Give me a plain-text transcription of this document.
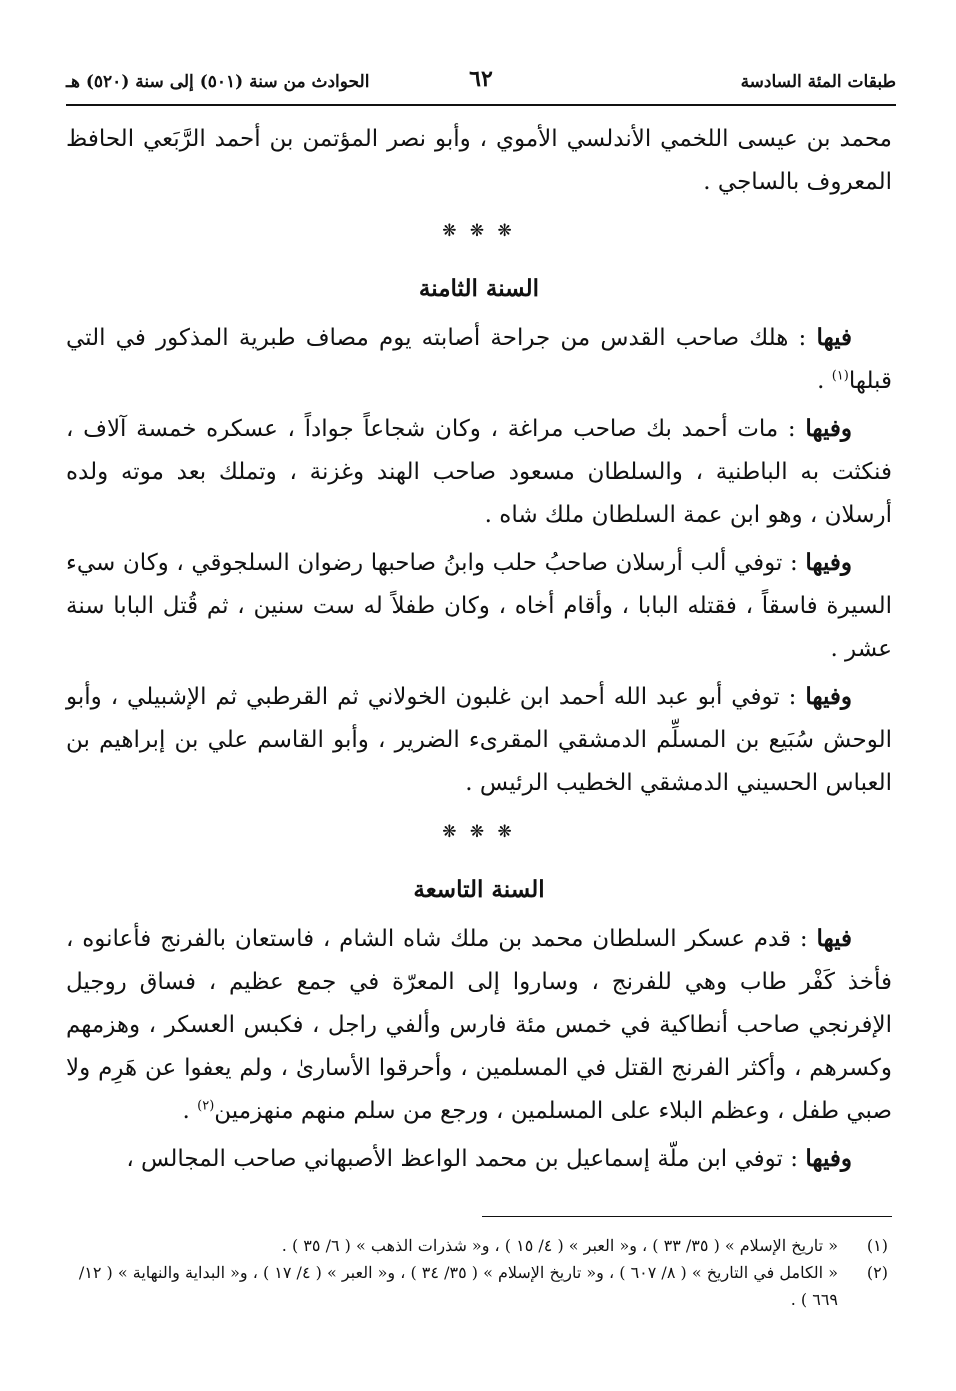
طبقات المئة السادسة
٦٢
الحوادث من سنة (٥٠١) إلى سنة (٥٢٠) هـ

محمد بن عيسى اللخمي الأندلسي الأموي ، وأبو نصر المؤتمن بن أحمد الرَّبَعي الحافظ المعروف بالساجي .

❋ ❋ ❋
السنة الثامنة

فيها : هلك صاحب القدس من جراحة أصابته يوم مصاف طبرية المذكور في التي قبلها$^{(١)}$ .

وفيها : مات أحمد بك صاحب مراغة ، وكان شجاعاً جواداً ، عسكره خمسة آلاف ، فنكثت به الباطنية ، والسلطان مسعود صاحب الهند وغزنة ، وتملك بعد موته ولده أرسلان ، وهو ابن عمة السلطان ملك شاه .

وفيها : توفي ألب أرسلان صاحبُ حلب وابنُ صاحبها رضوان السلجوقي ، وكان سيء السيرة فاسقاً ، فقتله البابا ، وأقام أخاه ، وكان طفلاً له ست سنين ، ثم قُتل البابا سنة عشر .

وفيها : توفي أبو عبد الله أحمد ابن غلبون الخولاني ثم القرطبي ثم الإشبيلي ، وأبو الوحش سُبَيع بن المسلِّم الدمشقي المقرىء الضرير ، وأبو القاسم علي بن إبراهيم بن العباس الحسيني الدمشقي الخطيب الرئيس .

❋ ❋ ❋
السنة التاسعة

فيها : قدم عسكر السلطان محمد بن ملك شاه الشام ، فاستعان بالفرنج فأعانوه ، فأخذ كَفْر طاب وهي للفرنج ، وساروا إلى المعرّة في جمع عظيم ، فساق روجيل الإفرنجي صاحب أنطاكية في خمس مئة فارس وألفي راجل ، فكبس العسكر ، وهزمهم وكسرهم ، وأكثر الفرنج القتل في المسلمين ، وأحرقوا الأسارىٰ ، ولم يعفوا عن هَرِم ولا صبي طفل ، وعظم البلاء على المسلمين ، ورجع من سلم منهم منهزمين$^{(٢)}$ .

وفيها : توفي ابن ملّة إسماعيل بن محمد الواعظ الأصبهاني صاحب المجالس ،

(١)
« تاريخ الإسلام » ( ٣٥/ ٣٣ ) ، و« العبر » ( ٤/ ١٥ ) ، و« شذرات الذهب » ( ٦/ ٣٥ ) .
(٢)
« الكامل في التاريخ » ( ٨/ ٦٠٧ ) ، و« تاريخ الإسلام » ( ٣٥/ ٣٤ ) ، و« العبر » ( ٤/ ١٧ ) ، و« البداية والنهاية » ( ١٢/ ٦٦٩ ) .
